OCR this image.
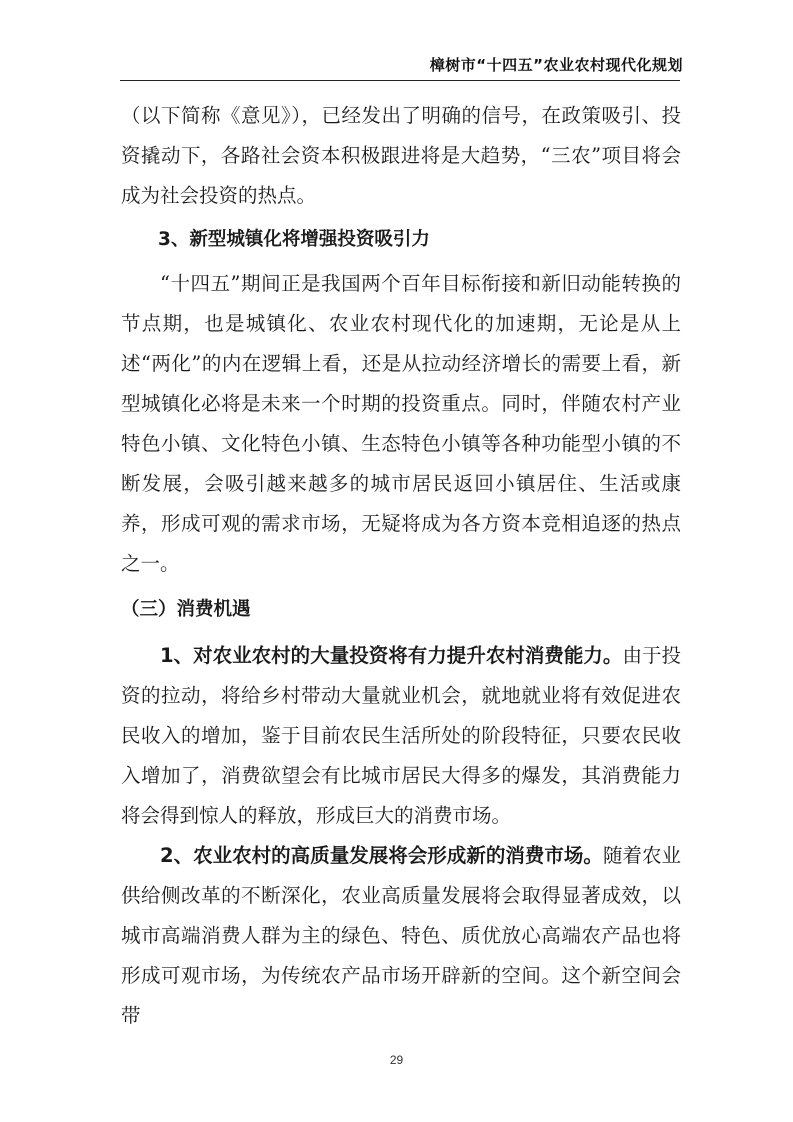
樟树市“十四五”农业农村现代化规划

（以下简称《意见》），已经发出了明确的信号，在政策吸引、投资撬动下，各路社会资本积极跟进将是大趋势，“三农”项目将会成为社会投资的热点。

3、新型城镇化将增强投资吸引力

“十四五”期间正是我国两个百年目标衔接和新旧动能转换的节点期，也是城镇化、农业农村现代化的加速期，无论是从上述“两化”的内在逻辑上看，还是从拉动经济增长的需要上看，新型城镇化必将是未来一个时期的投资重点。同时，伴随农村产业特色小镇、文化特色小镇、生态特色小镇等各种功能型小镇的不断发展，会吸引越来越多的城市居民返回小镇居住、生活或康养，形成可观的需求市场，无疑将成为各方资本竞相追逐的热点之一。

（三）消费机遇

1、对农业农村的大量投资将有力提升农村消费能力。由于投资的拉动，将给乡村带动大量就业机会，就地就业将有效促进农民收入的增加，鉴于目前农民生活所处的阶段特征，只要农民收入增加了，消费欲望会有比城市居民大得多的爆发，其消费能力将会得到惊人的释放，形成巨大的消费市场。

2、农业农村的高质量发展将会形成新的消费市场。随着农业供给侧改革的不断深化，农业高质量发展将会取得显著成效，以城市高端消费人群为主的绿色、特色、质优放心高端农产品也将形成可观市场，为传统农产品市场开辟新的空间。这个新空间会带

29
